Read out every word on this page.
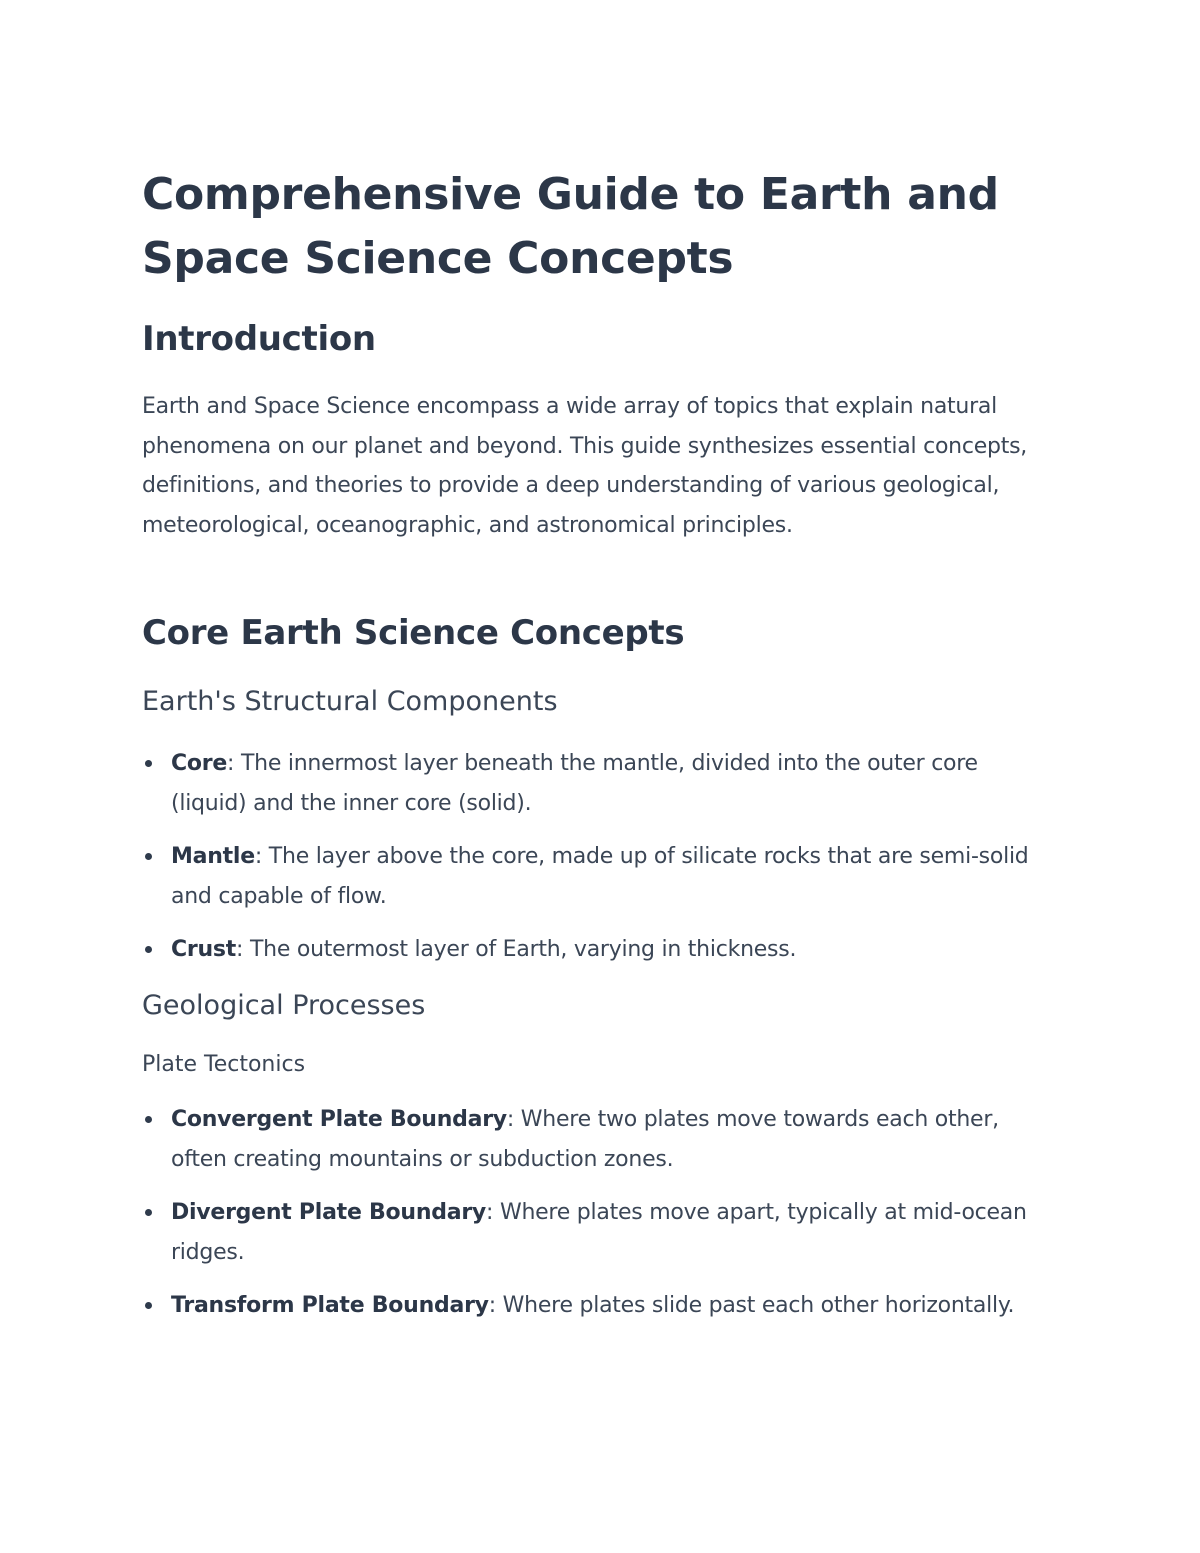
Comprehensive Guide to Earth and Space Science Concepts
Introduction

Earth and Space Science encompass a wide array of topics that explain natural phenomena on our planet and beyond. This guide synthesizes essential concepts, definitions, and theories to provide a deep understanding of various geological, meteorological, oceanographic, and astronomical principles.

Core Earth Science Concepts
Earth's Structural Components
Core: The innermost layer beneath the mantle, divided into the outer core (liquid) and the inner core (solid).
Mantle: The layer above the core, made up of silicate rocks that are semi-solid and capable of flow.
Crust: The outermost layer of Earth, varying in thickness.
Geological Processes
Plate Tectonics
Convergent Plate Boundary: Where two plates move towards each other, often creating mountains or subduction zones.
Divergent Plate Boundary: Where plates move apart, typically at mid-ocean ridges.
Transform Plate Boundary: Where plates slide past each other horizontally.
